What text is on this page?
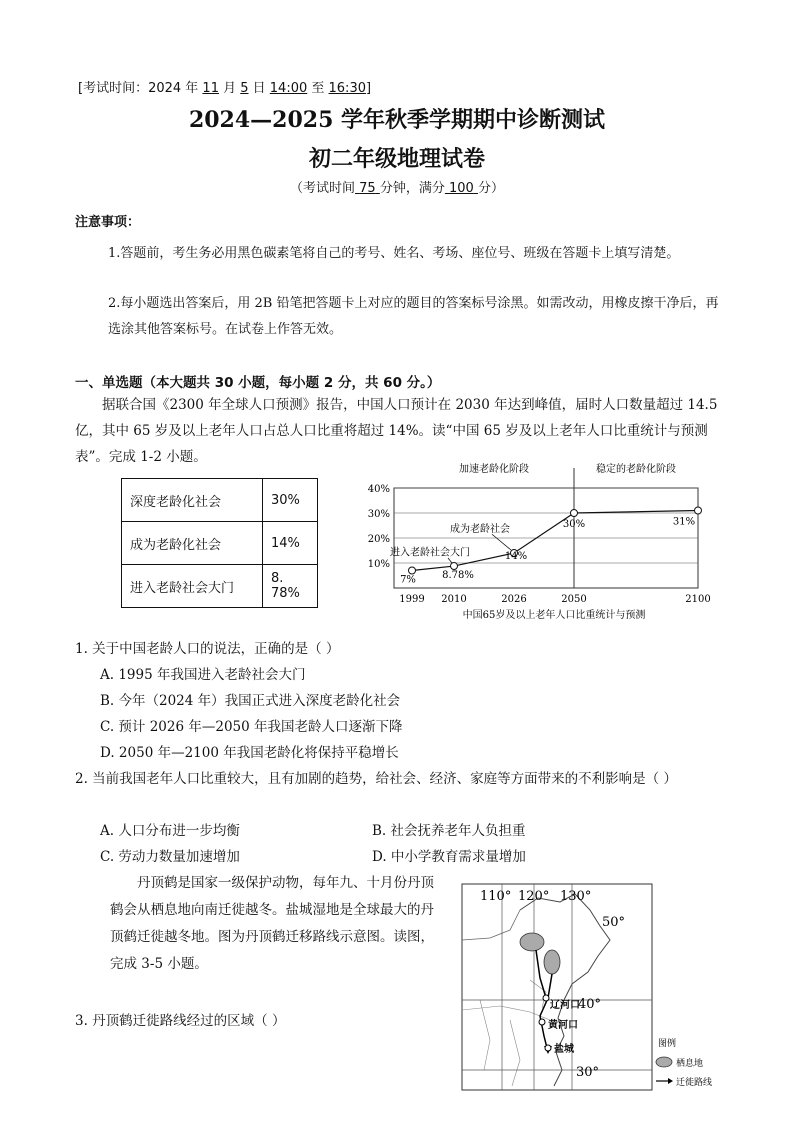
[考试时间：2024 年 11 月 5 日 14:00 至 16:30]
2024—2025 学年秋季学期期中诊断测试
初二年级地理试卷
（考试时间 75 分钟，满分 100 分）
注意事项：
1.答题前，考生务必用黑色碳素笔将自己的考号、姓名、考场、座位号、班级在答题卡上填写清楚。
2.每小题选出答案后，用 2B 铅笔把答题卡上对应的题目的答案标号涂黑。如需改动，用橡皮擦干净后，再选涂其他答案标号。在试卷上作答无效。
一、单选题（本大题共 30 小题，每小题 2 分，共 60 分。）
据联合国《2300 年全球人口预测》报告，中国人口预计在 2030 年达到峰值，届时人口数量超过 14.5 亿，其中 65 岁及以上老年人口占总人口比重将超过 14%。读“中国 65 岁及以上老年人口比重统计与预测表”。完成 1-2 小题。
深度老龄化社会	30%
成为老龄化社会	14%
进入老龄社会大门	8. 78%
10%
20%
30%
40%
加速老龄化阶段	稳定的老龄化阶段
1999 2010	2026	2050	2100
7%	8.78%
14%
30%	31%
成为老龄社会
进入老龄社会大门
中国65岁及以上老年人口比重统计与预测
1. 关于中国老龄人口的说法，正确的是（ ）
A. 1995 年我国进入老龄社会大门
B. 今年（2024 年）我国正式进入深度老龄化社会
C. 预计 2026 年—2050 年我国老龄人口逐渐下降
D. 2050 年—2100 年我国老龄化将保持平稳增长
2. 当前我国老年人口比重较大，且有加剧的趋势，给社会、经济、家庭等方面带来的不利影响是（ ）
A. 人口分布进一步均衡	B. 社会抚养老年人负担重
C. 劳动力数量加速增加	D. 中小学教育需求量增加
丹顶鹤是国家一级保护动物，每年九、十月份丹顶鹤会从栖息地向南迁徙越冬。盐城湿地是全球最大的丹顶鹤迁徙越冬地。图为丹顶鹤迁移路线示意图。读图，完成 3-5 小题。
3. 丹顶鹤迁徙路线经过的区域（ ）
110° 120° 130°
50°
40°
30°
辽河口
黄河口
盐城	图例
栖息地
迁徙路线
